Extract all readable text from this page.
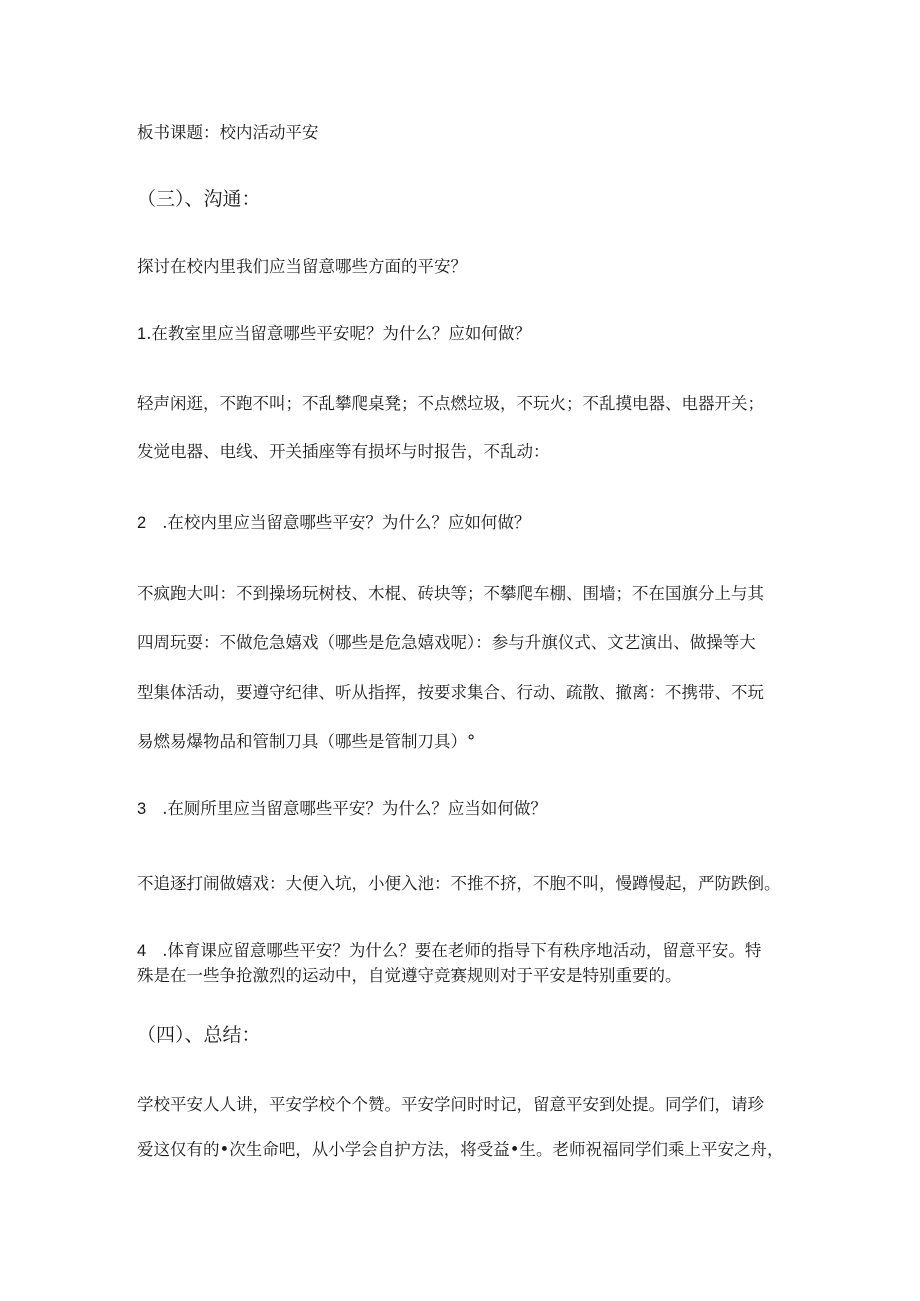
板书课题：校内活动平安
（三）、沟通：
探讨在校内里我们应当留意哪些方面的平安？
1.在教室里应当留意哪些平安呢？为什么？应如何做？
轻声闲逛，不跑不叫；不乱攀爬桌凳；不点燃垃圾，不玩火；不乱摸电器、电器开关；
发觉电器、电线、开关插座等有损坏与时报告，不乱动：
2 .在校内里应当留意哪些平安？为什么？应如何做？
不疯跑大叫：不到操场玩树枝、木棍、砖块等；不攀爬车棚、围墙；不在国旗分上与其
四周玩耍：不做危急嬉戏（哪些是危急嬉戏呢）：参与升旗仪式、文艺演出、做操等大
型集体活动，要遵守纪律、听从指挥，按要求集合、行动、疏散、撤离：不携带、不玩
易燃易爆物品和管制刀具（哪些是管制刀具）°
3 .在厕所里应当留意哪些平安？为什么？应当如何做？
不追逐打闹做嬉戏：大便入坑，小便入池：不推不挤，不胞不叫，慢蹲慢起，严防跌倒。
4 .体育课应留意哪些平安？为什么？要在老师的指导下有秩序地活动，留意平安。特
殊是在一些争抢激烈的运动中，自觉遵守竞赛规则对于平安是特别重要的。
（四）、总结：
学校平安人人讲，平安学校个个赞。平安学问时时记，留意平安到处提。同学们，请珍
爱这仅有的•次生命吧，从小学会自护方法，将受益•生。老师祝福同学们乘上平安之舟，
